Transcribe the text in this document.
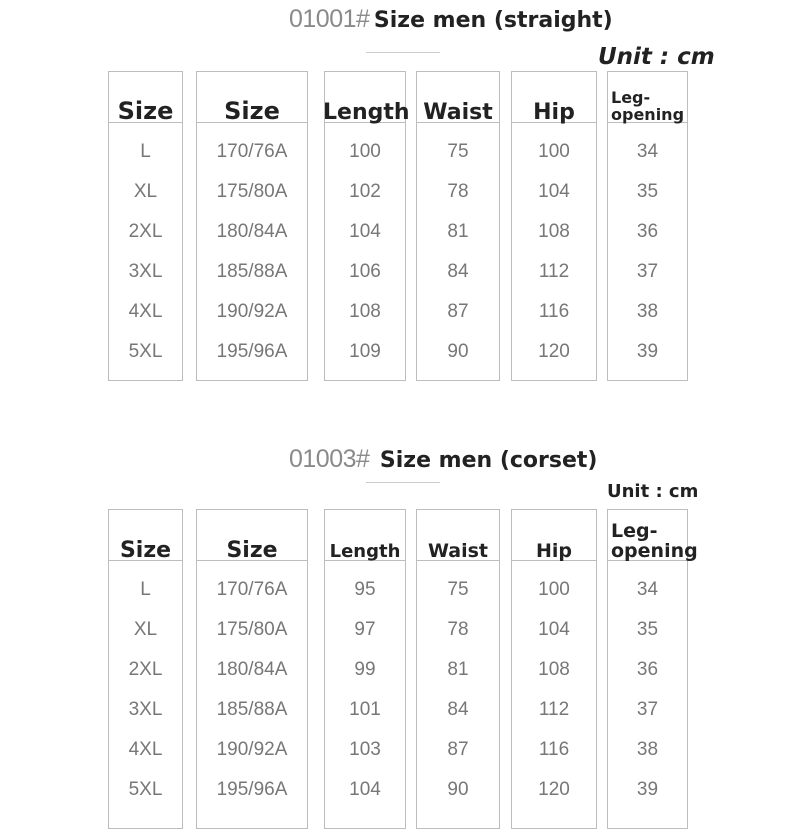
01001# Size men (straight)
Unit : cm
Size
L
XL
2XL
3XL
4XL
5XL
Size
170/76A
175/80A
180/84A
185/88A
190/92A
195/96A
Length
100
102
104
106
108
109
Waist
75
78
81
84
87
90
Hip
100
104
108
112
116
120
Leg-
opening
34
35
36
37
38
39
01003# Size men (corset)
Unit : cm
Size
L
XL
2XL
3XL
4XL
5XL
Size
170/76A
175/80A
180/84A
185/88A
190/92A
195/96A
Length
95
97
99
101
103
104
Waist
75
78
81
84
87
90
Hip
100
104
108
112
116
120
Leg-
opening
34
35
36
37
38
39
